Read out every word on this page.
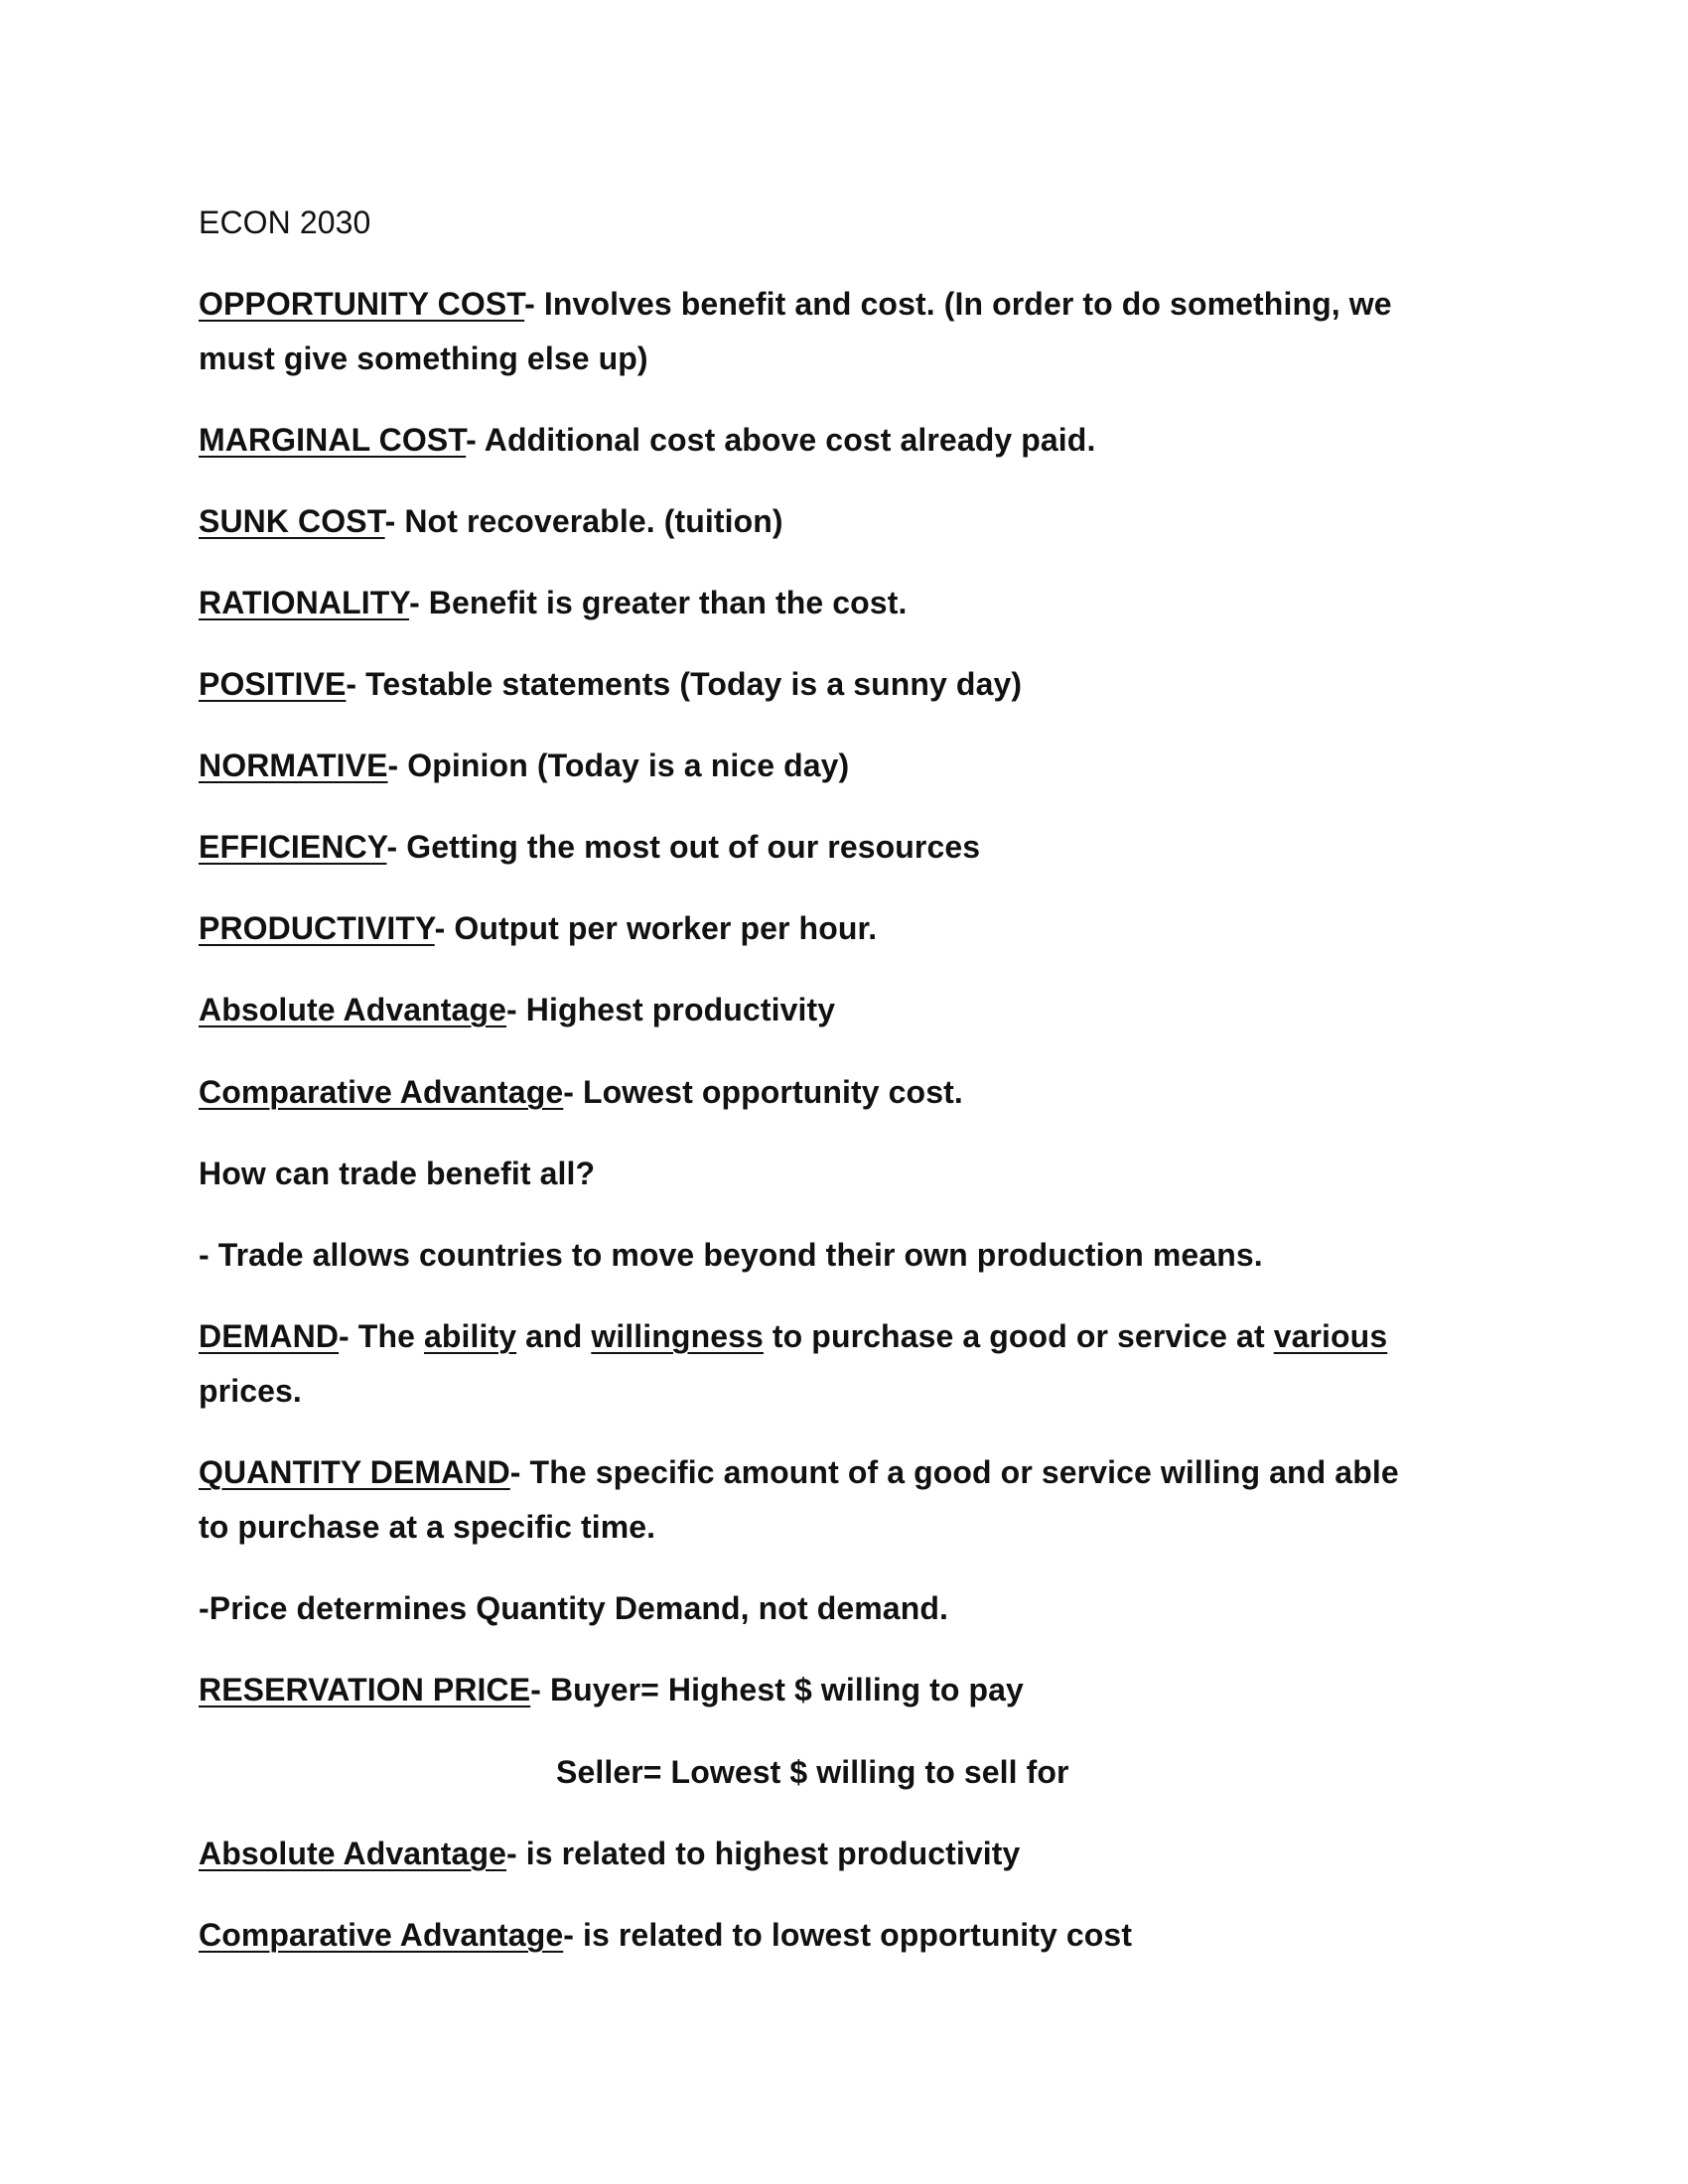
ECON 2030
OPPORTUNITY COST- Involves benefit and cost. (In order to do something, we
must give something else up)
MARGINAL COST- Additional cost above cost already paid.
SUNK COST- Not recoverable. (tuition)
RATIONALITY- Benefit is greater than the cost.
POSITIVE- Testable statements (Today is a sunny day)
NORMATIVE- Opinion (Today is a nice day)
EFFICIENCY- Getting the most out of our resources
PRODUCTIVITY- Output per worker per hour.
Absolute Advantage- Highest productivity
Comparative Advantage- Lowest opportunity cost.
How can trade benefit all?
- Trade allows countries to move beyond their own production means.
DEMAND- The ability and willingness to purchase a good or service at various
prices.
QUANTITY DEMAND- The specific amount of a good or service willing and able
to purchase at a specific time.
-Price determines Quantity Demand, not demand.
RESERVATION PRICE- Buyer= Highest $ willing to pay
Seller= Lowest $ willing to sell for
Absolute Advantage- is related to highest productivity
Comparative Advantage- is related to lowest opportunity cost
